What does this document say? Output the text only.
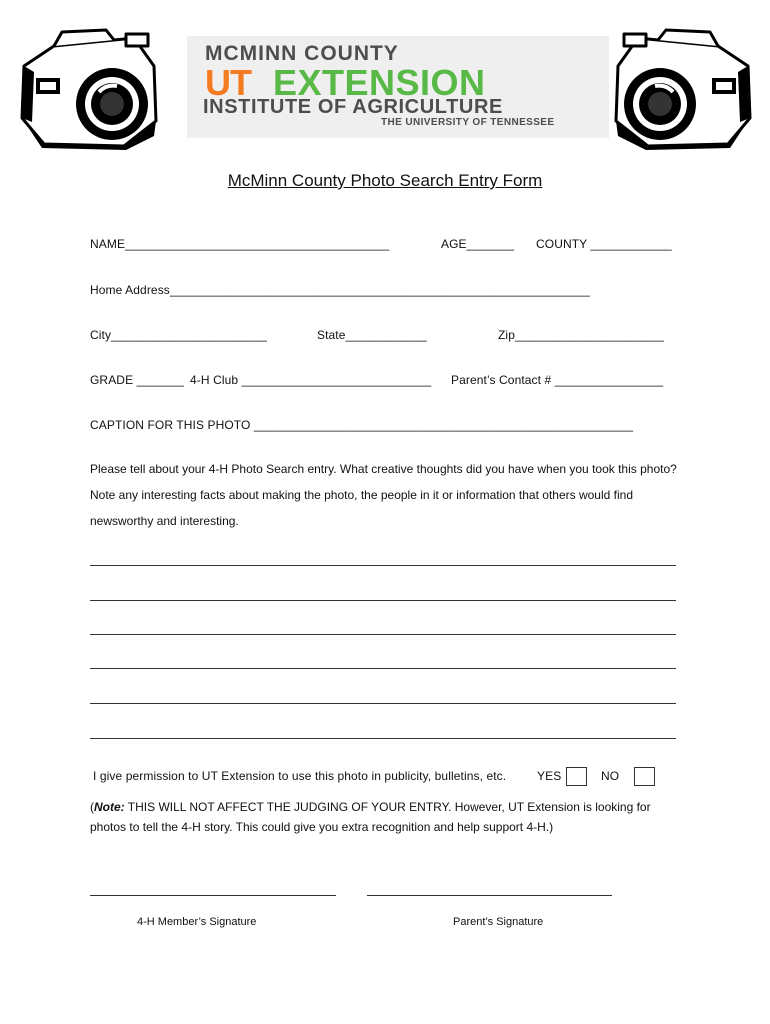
MCMINN COUNTY
UT EXTENSION
INSTITUTE OF AGRICULTURE
THE UNIVERSITY OF TENNESSEE
McMinn County Photo Search Entry Form
NAME_______________________________________	AGE_______ COUNTY ____________
Home Address______________________________________________________________
City_______________________	State____________	Zip______________________
GRADE _______ 4-H Club ____________________________ Parent’s Contact # ________________
CAPTION FOR THIS PHOTO ________________________________________________________
Please tell about your 4-H Photo Search entry. What creative thoughts did you have when you took this photo? Note any interesting facts about making the photo, the people in it or information that others would find newsworthy and interesting.
I give permission to UT Extension to use this photo in publicity, bulletins, etc.	YES	NO
(Note: THIS WILL NOT AFFECT THE JUDGING OF YOUR ENTRY. However, UT Extension is looking for photos to tell the 4-H story. This could give you extra recognition and help support 4-H.)
4-H Member’s Signature	Parent’s Signature
